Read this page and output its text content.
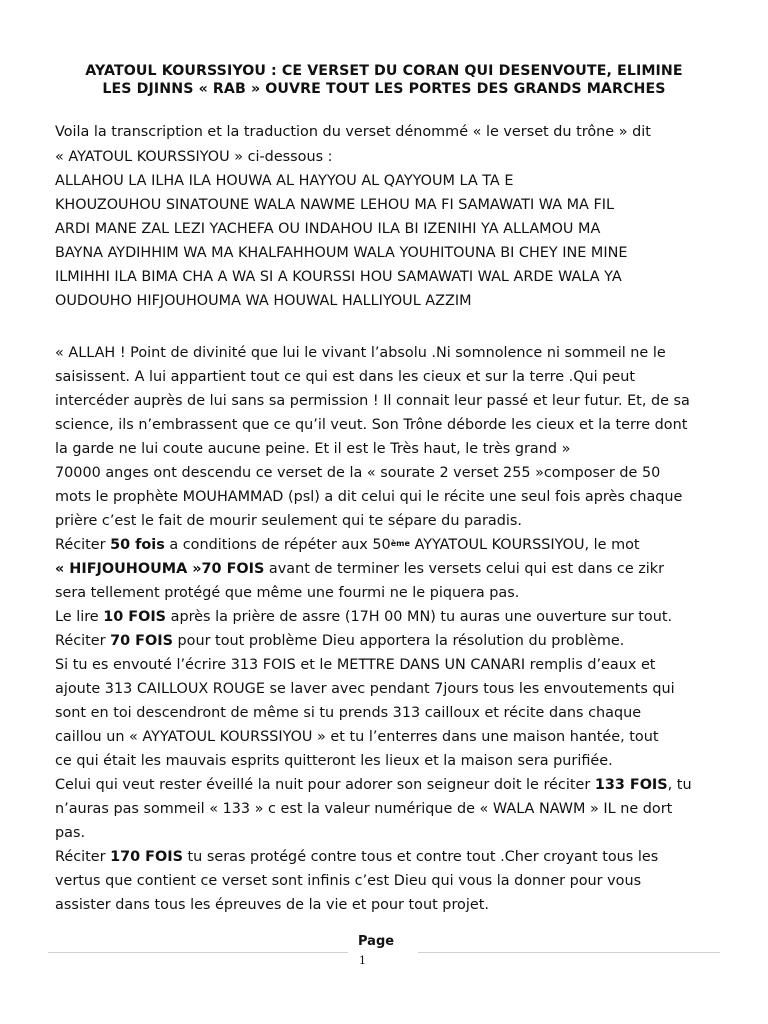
AYATOUL KOURSSIYOU : CE VERSET DU CORAN QUI DESENVOUTE, ELIMINE
LES DJINNS « RAB » OUVRE TOUT LES PORTES DES GRANDS MARCHES
Voila la transcription et la traduction du verset dénommé « le verset du trône » dit
« AYATOUL KOURSSIYOU » ci-dessous :
ALLAHOU LA ILHA ILA HOUWA AL HAYYOU AL QAYYOUM LA TA E
KHOUZOUHOU SINATOUNE WALA NAWME LEHOU MA FI SAMAWATI WA MA FIL
ARDI MANE ZAL LEZI YACHEFA OU INDAHOU ILA BI IZENIHI YA ALLAMOU MA
BAYNA AYDIHHIM WA MA KHALFAHHOUM WALA YOUHITOUNA BI CHEY INE MINE
ILMIHHI ILA BIMA CHA A WA SI A KOURSSI HOU SAMAWATI WAL ARDE WALA YA
OUDOUHO HIFJOUHOUMA WA HOUWAL HALLIYOUL AZZIM
« ALLAH ! Point de divinité que lui le vivant l’absolu .Ni somnolence ni sommeil ne le
saisissent. A lui appartient tout ce qui est dans les cieux et sur la terre .Qui peut
intercéder auprès de lui sans sa permission ! Il connait leur passé et leur futur. Et, de sa
science, ils n’embrassent que ce qu’il veut. Son Trône déborde les cieux et la terre dont
la garde ne lui coute aucune peine. Et il est le Très haut, le très grand »
70000 anges ont descendu ce verset de la « sourate 2 verset 255 »composer de 50
mots le prophète MOUHAMMAD (psl) a dit celui qui le récite une seul fois après chaque
prière c’est le fait de mourir seulement qui te sépare du paradis.
Réciter 50 fois a conditions de répéter aux 50ème AYYATOUL KOURSSIYOU, le mot
« HIFJOUHOUMA »70 FOIS avant de terminer les versets celui qui est dans ce zikr
sera tellement protégé que même une fourmi ne le piquera pas.
Le lire 10 FOIS après la prière de assre (17H 00 MN) tu auras une ouverture sur tout.
Réciter 70 FOIS pour tout problème Dieu apportera la résolution du problème.
Si tu es envouté l’écrire 313 FOIS et le METTRE DANS UN CANARI remplis d’eaux et
ajoute 313 CAILLOUX ROUGE se laver avec pendant 7jours tous les envoutements qui
sont en toi descendront de même si tu prends 313 cailloux et récite dans chaque
caillou un « AYYATOUL KOURSSIYOU » et tu l’enterres dans une maison hantée, tout
ce qui était les mauvais esprits quitteront les lieux et la maison sera purifiée.
Celui qui veut rester éveillé la nuit pour adorer son seigneur doit le réciter 133 FOIS, tu
n’auras pas sommeil « 133 » c est la valeur numérique de « WALA NAWM » IL ne dort
pas.
Réciter 170 FOIS tu seras protégé contre tous et contre tout .Cher croyant tous les
vertus que contient ce verset sont infinis c’est Dieu qui vous la donner pour vous
assister dans tous les épreuves de la vie et pour tout projet.
Page
1
